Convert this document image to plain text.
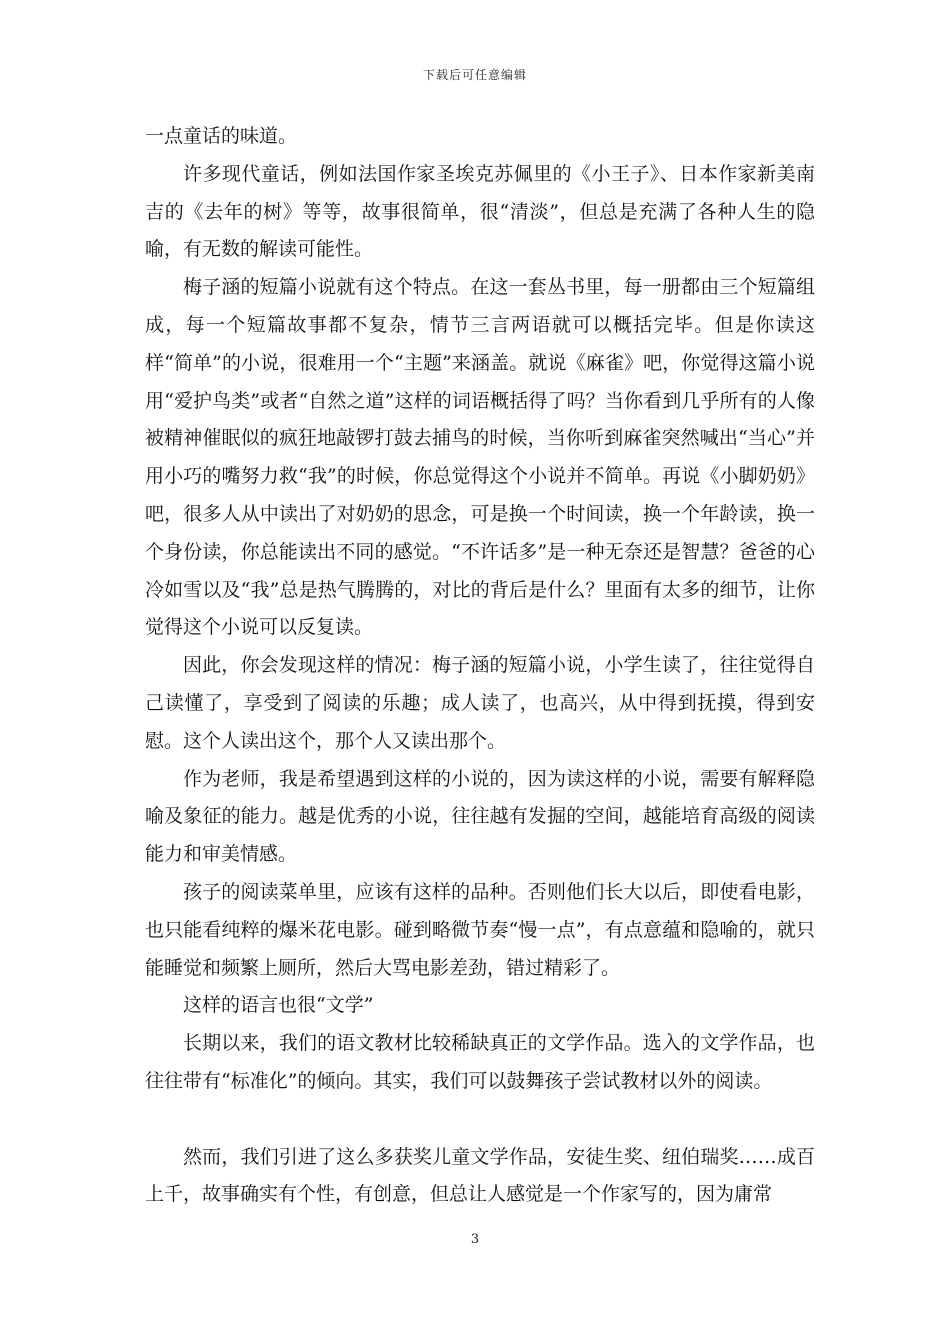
下载后可任意编辑

一点童话的味道。

许多现代童话，例如法国作家圣埃克苏佩里的《小王子》、日本作家新美南吉的《去年的树》等等，故事很简单，很“清淡”，但总是充满了各种人生的隐喻，有无数的解读可能性。

梅子涵的短篇小说就有这个特点。在这一套丛书里，每一册都由三个短篇组成，每一个短篇故事都不复杂，情节三言两语就可以概括完毕。但是你读这样“简单”的小说，很难用一个“主题”来涵盖。就说《麻雀》吧，你觉得这篇小说用“爱护鸟类”或者“自然之道”这样的词语概括得了吗？当你看到几乎所有的人像被精神催眠似的疯狂地敲锣打鼓去捕鸟的时候，当你听到麻雀突然喊出“当心”并用小巧的嘴努力救“我”的时候，你总觉得这个小说并不简单。再说《小脚奶奶》吧，很多人从中读出了对奶奶的思念，可是换一个时间读，换一个年龄读，换一个身份读，你总能读出不同的感觉。“不许话多”是一种无奈还是智慧？爸爸的心冷如雪以及“我”总是热气腾腾的，对比的背后是什么？里面有太多的细节，让你觉得这个小说可以反复读。

因此，你会发现这样的情况：梅子涵的短篇小说，小学生读了，往往觉得自己读懂了，享受到了阅读的乐趣；成人读了，也高兴，从中得到抚摸，得到安慰。这个人读出这个，那个人又读出那个。

作为老师，我是希望遇到这样的小说的，因为读这样的小说，需要有解释隐喻及象征的能力。越是优秀的小说，往往越有发掘的空间，越能培育高级的阅读能力和审美情感。

孩子的阅读菜单里，应该有这样的品种。否则他们长大以后，即使看电影，也只能看纯粹的爆米花电影。碰到略微节奏“慢一点”，有点意蕴和隐喻的，就只能睡觉和频繁上厕所，然后大骂电影差劲，错过精彩了。

这样的语言也很“文学”

长期以来，我们的语文教材比较稀缺真正的文学作品。选入的文学作品，也往往带有“标准化”的倾向。其实，我们可以鼓舞孩子尝试教材以外的阅读。

然而，我们引进了这么多获奖儿童文学作品，安徒生奖、纽伯瑞奖……成百上千，故事确实有个性，有创意，但总让人感觉是一个作家写的，因为庸常

3
